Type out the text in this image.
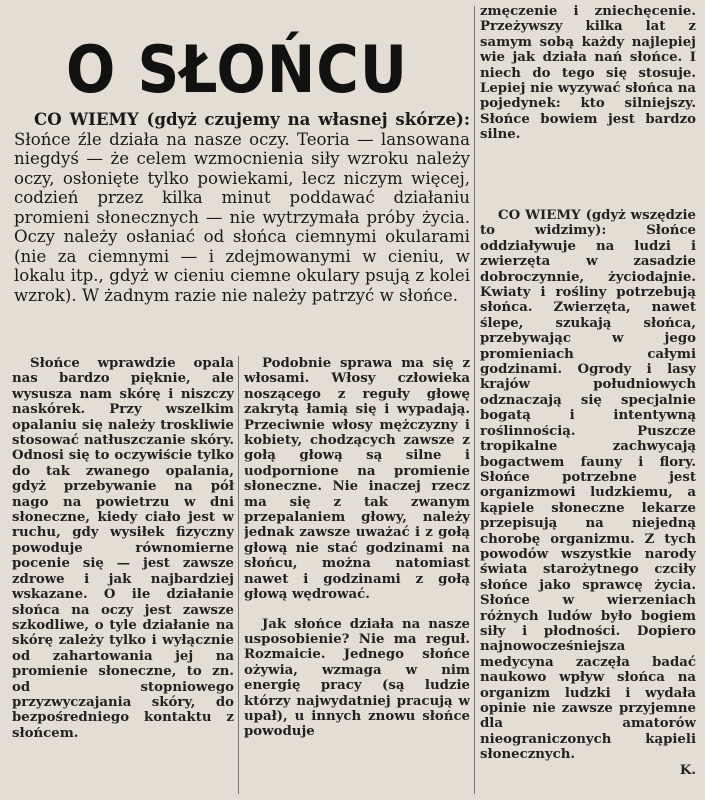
O SŁOŃCU

CO WIEMY (gdyż czujemy na własnej skórze): Słońce źle działa na nasze oczy. Teoria — lansowana niegdyś — że celem wzmocnienia siły wzroku należy oczy, osłonięte tylko powiekami, lecz niczym więcej, codzień przez kilka minut poddawać działaniu promieni słonecznych — nie wytrzymała próby życia. Oczy należy osłaniać od słońca ciemnymi okularami (nie za ciemnymi — i zdejmowanymi w cieniu, w lokalu itp., gdyż w cieniu ciemne okulary psują z kolei wzrok). W żadnym razie nie należy patrzyć w słońce.

Słońce wprawdzie opala nas bardzo pięknie, ale wysusza nam skórę i niszczy naskórek. Przy wszelkim opalaniu się należy troskliwie stosować natłuszczanie skóry. Odnosi się to oczywiście tylko do tak zwanego opalania, gdyż przebywanie na pół nago na powietrzu w dni słoneczne, kiedy ciało jest w ruchu, gdy wysiłek fizyczny powoduje równomierne pocenie się — jest zawsze zdrowe i jak najbardziej wskazane. O ile działanie słońca na oczy jest zawsze szkodliwe, o tyle działanie na skórę zależy tylko i wyłącznie od zahartowania jej na promienie słoneczne, to zn. od stopniowego przyzwyczajania skóry, do bezpośredniego kontaktu z słońcem.

Podobnie sprawa ma się z włosami. Włosy człowieka noszącego z reguły głowę zakrytą łamią się i wypadają. Przeciwnie włosy mężczyzny i kobiety, chodzących zawsze z gołą głową są silne i uodpornione na promienie słoneczne. Nie inaczej rzecz ma się z tak zwanym przepalaniem głowy, należy jednak zawsze uważać i z gołą głową nie stać godzinami na słońcu, można natomiast nawet i godzinami z gołą głową wędrować.

Jak słońce działa na nasze usposobienie? Nie ma reguł. Rozmaicie. Jednego słońce ożywia, wzmaga w nim energię pracy (są ludzie którzy najwydatniej pracują w upał), u innych znowu słońce powoduje

zmęczenie i zniechęcenie. Przeżywszy kilka lat z samym sobą każdy najlepiej wie jak działa nań słońce. I niech do tego się stosuje. Lepiej nie wyzywać słońca na pojedynek: kto silniejszy. Słońce bowiem jest bardzo silne.

CO WIEMY (gdyż wszędzie to widzimy):	Słońce oddziaływuje na ludzi i zwierzęta w zasadzie dobroczynnie, życiodajnie. Kwiaty i rośliny potrzebują słońca. Zwierzęta, nawet ślepe, szukają słońca, przebywając w jego promieniach całymi godzinami. Ogrody i lasy krajów południowych odznaczają się specjalnie bogatą i intentywną roślinnością. Puszcze tropikalne zachwycają bogactwem fauny i flory. Słońce potrzebne jest organizmowi ludzkiemu, a kąpiele słoneczne lekarze przepisują na niejedną chorobę organizmu. Z tych powodów wszystkie narody świata starożytnego czciły słońce jako sprawcę życia. Słońce w wierzeniach różnych ludów było bogiem siły i płodności. Dopiero najnowocześniejsza medycyna zaczęła badać naukowo wpływ słońca na organizm ludzki i wydała opinie nie zawsze przyjemne dla amatorów nieograniczonych kąpieli słonecznych.

K.
